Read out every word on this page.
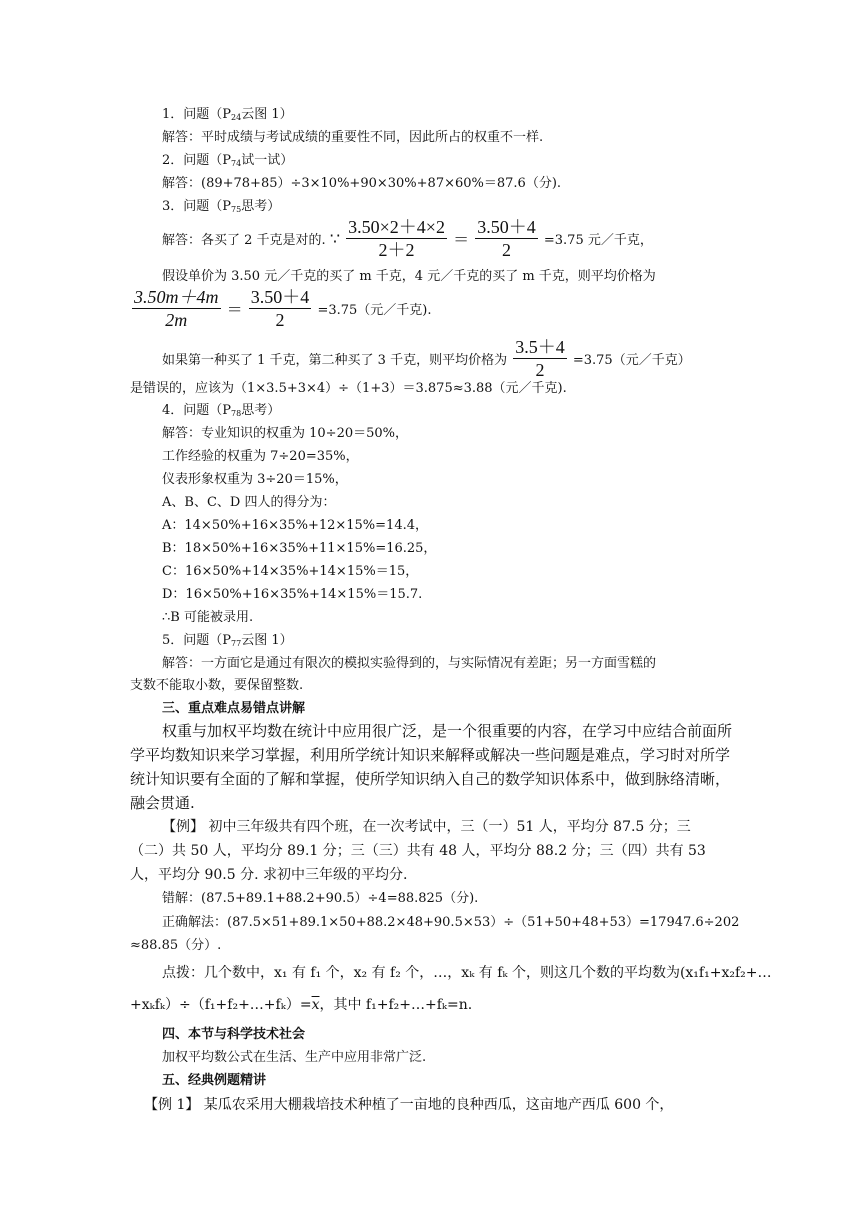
1．问题（$P_{24}$云图 1）
解答：平时成绩与考试成绩的重要性不同，因此所占的权重不一样.
2．问题（$P_{74}$试一试）
解答：(89+78+85）÷3×10%+90×30%+87×60%＝87.6（分).
3．问题（$P_{75}$思考）
解答：各买了 2 千克是对的. ∵ $\frac{3.50\times 2+4\times 2}{2+2} = \frac{3.50+4}{2} =3.75$ 元／千克，
假设单价为 3.50 元／千克的买了 m 千克，4 元／千克的买了 m 千克，则平均价格为
$\frac{3.50m+4m}{2m} = \frac{3.50+4}{2} =3.75$（元／千克).
如果第一种买了 1 千克，第二种买了 3 千克，则平均价格为 $\frac{3.5+4}{2} =3.75$（元／千克）
是错误的，应该为（1×3.5+3×4）÷（1+3）＝3.875≈3.88（元／千克).
4．问题（$P_{78}$思考）
解答：专业知识的权重为 10÷20＝50%，
工作经验的权重为 7÷20=35%，
仪表形象权重为 3÷20＝15%，
A、B、C、D 四人的得分为：
A：14×50%+16×35%+12×15%=14.4，
B：18×50%+16×35%+11×15%=16.25，
C：16×50%+14×35%+14×15%＝15，
D：16×50%+16×35%+14×15%＝15.7.
∴B 可能被录用.
5．问题（$P_{77}$云图 1）
解答：一方面它是通过有限次的模拟实验得到的，与实际情况有差距；另一方面雪糕的
支数不能取小数，要保留整数.
三、重点难点易错点讲解
权重与加权平均数在统计中应用很广泛，是一个很重要的内容，在学习中应结合前面所
学平均数知识来学习掌握，利用所学统计知识来解释或解决一些问题是难点，学习时对所学
统计知识要有全面的了解和掌握，使所学知识纳入自己的数学知识体系中，做到脉络清晰，
融会贯通.
【例】 初中三年级共有四个班，在一次考试中，三（一）51 人，平均分 87.5 分；三
（二）共 50 人，平均分 89.1 分；三（三）共有 48 人，平均分 88.2 分；三（四）共有 53
人，平均分 90.5 分. 求初中三年级的平均分.
错解：(87.5+89.1+88.2+90.5）÷4=88.825（分).
正确解法：(87.5×51+89.1×50+88.2×48+90.5×53）÷（51+50+48+53）=17947.6÷202
≈88.85（分）.
点拨：几个数中，x₁ 有 f₁ 个，x₂ 有 f₂ 个，…，xₖ 有 fₖ 个，则这几个数的平均数为(x₁f₁+x₂f₂+…
$+x_kf_k)\div(f_1+f_2+\dots+f_k)=\overline{x}$，其中 f₁+f₂+…+fₖ=n.
四、本节与科学技术社会
加权平均数公式在生活、生产中应用非常广泛.
五、经典例题精讲
【例 1】 某瓜农采用大棚栽培技术种植了一亩地的良种西瓜，这亩地产西瓜 600 个，
